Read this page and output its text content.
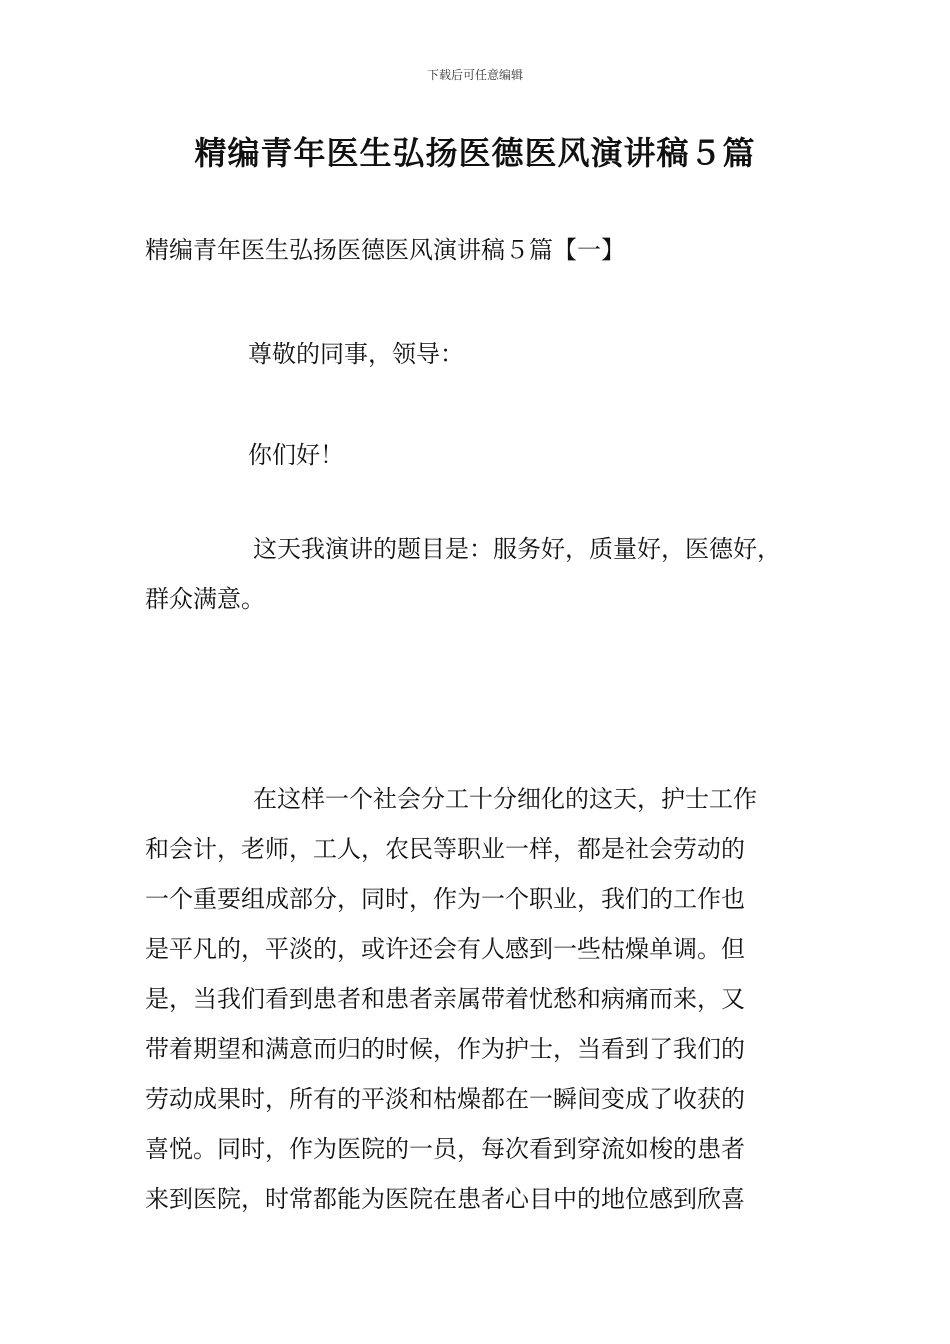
下载后可任意编辑
精编青年医生弘扬医德医风演讲稿５篇
精编青年医生弘扬医德医风演讲稿５篇【一】

尊敬的同事，领导：

你们好！

这天我演讲的题目是：服务好，质量好，医德好，
群众满意。

在这样一个社会分工十分细化的这天，护士工作
和会计，老师，工人，农民等职业一样，都是社会劳动的
一个重要组成部分，同时，作为一个职业，我们的工作也
是平凡的，平淡的，或许还会有人感到一些枯燥单调。但
是，当我们看到患者和患者亲属带着忧愁和病痛而来，又
带着期望和满意而归的时候，作为护士，当看到了我们的
劳动成果时，所有的平淡和枯燥都在一瞬间变成了收获的
喜悦。同时，作为医院的一员，每次看到穿流如梭的患者
来到医院，时常都能为医院在患者心目中的地位感到欣喜
